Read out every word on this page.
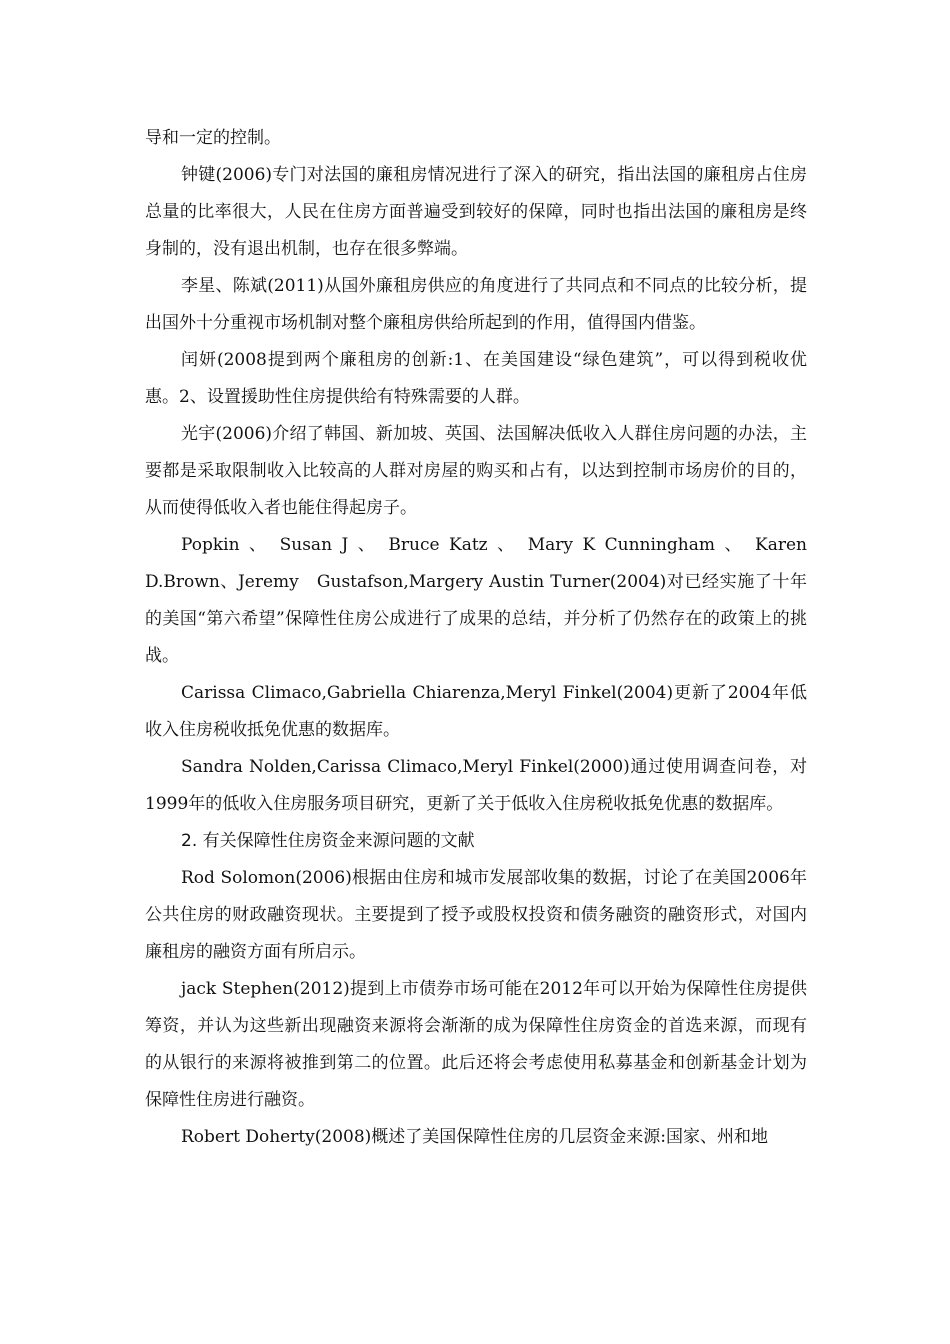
导和一定的控制。

钟键(2006)专门对法国的廉租房情况进行了深入的研究，指出法国的廉租房占住房总量的比率很大，人民在住房方面普遍受到较好的保障，同时也指出法国的廉租房是终身制的，没有退出机制，也存在很多弊端。

李星、陈斌(2011)从国外廉租房供应的角度进行了共同点和不同点的比较分析，提出国外十分重视市场机制对整个廉租房供给所起到的作用，值得国内借鉴。

闰妍(2008提到两个廉租房的创新:1、在美国建设“绿色建筑”，可以得到税收优惠。2、设置援助性住房提供给有特殊需要的人群。

光宇(2006)介绍了韩国、新加坡、英国、法国解决低收入人群住房问题的办法，主要都是采取限制收入比较高的人群对房屋的购买和占有，以达到控制市场房价的目的，从而使得低收入者也能住得起房子。

Popkin 、 Susan J 、 Bruce Katz 、 Mary K Cunningham 、 Karen D.Brown、Jeremy　Gustafson,Margery Austin Turner(2004)对已经实施了十年的美国“第六希望”保障性住房公成进行了成果的总结，并分析了仍然存在的政策上的挑战。

Carissa Climaco,Gabriella Chiarenza,Meryl Finkel(2004)更新了2004年低收入住房税收抵免优惠的数据库。

Sandra Nolden,Carissa Climaco,Meryl Finkel(2000)通过使用调查问卷，对1999年的低收入住房服务项目研究，更新了关于低收入住房税收抵免优惠的数据库。

2. 有关保障性住房资金来源问题的文献

Rod Solomon(2006)根据由住房和城市发展部收集的数据，讨论了在美国2006年公共住房的财政融资现状。主要提到了授予或股权投资和债务融资的融资形式，对国内廉租房的融资方面有所启示。

jack Stephen(2012)提到上市债券市场可能在2012年可以开始为保障性住房提供筹资，并认为这些新出现融资来源将会渐渐的成为保障性住房资金的首选来源，而现有的从银行的来源将被推到第二的位置。此后还将会考虑使用私募基金和创新基金计划为保障性住房进行融资。

Robert Doherty(2008)概述了美国保障性住房的几层资金来源:国家、州和地
